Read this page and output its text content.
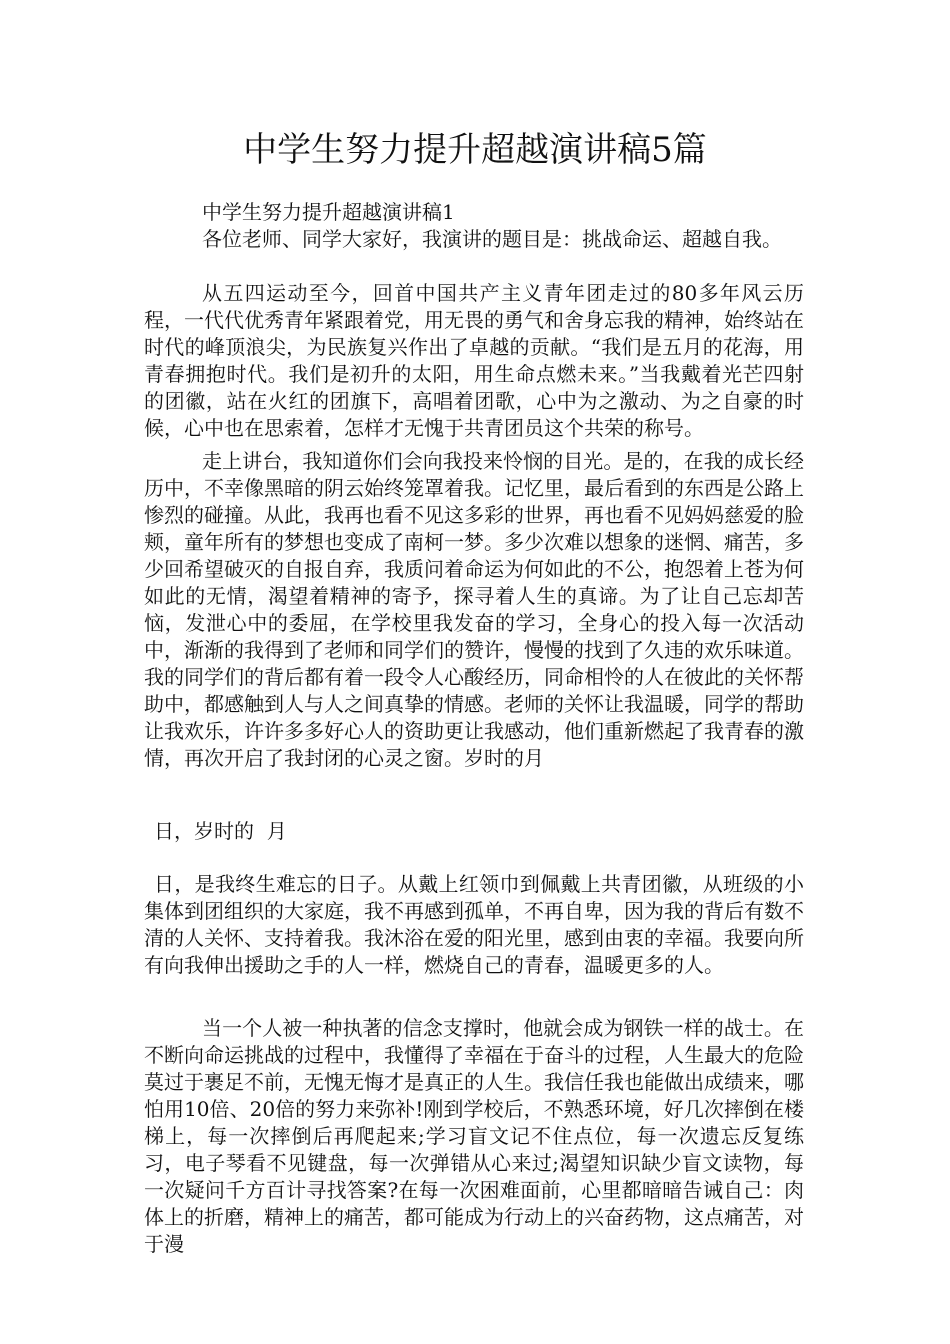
中学生努力提升超越演讲稿5篇

中学生努力提升超越演讲稿1

各位老师、同学大家好，我演讲的题目是：挑战命运、超越自我。

从五四运动至今，回首中国共产主义青年团走过的80多年风云历程，一代代优秀青年紧跟着党，用无畏的勇气和舍身忘我的精神，始终站在时代的峰顶浪尖，为民族复兴作出了卓越的贡献。“我们是五月的花海，用青春拥抱时代。我们是初升的太阳，用生命点燃未来。”当我戴着光芒四射的团徽，站在火红的团旗下，高唱着团歌，心中为之激动、为之自豪的时候，心中也在思索着，怎样才无愧于共青团员这个共荣的称号。

走上讲台，我知道你们会向我投来怜悯的目光。是的，在我的成长经历中，不幸像黑暗的阴云始终笼罩着我。记忆里，最后看到的东西是公路上惨烈的碰撞。从此，我再也看不见这多彩的世界，再也看不见妈妈慈爱的脸颊，童年所有的梦想也变成了南柯一梦。多少次难以想象的迷惘、痛苦，多少回希望破灭的自报自弃，我质问着命运为何如此的不公，抱怨着上苍为何如此的无情，渴望着精神的寄予，探寻着人生的真谛。为了让自己忘却苦恼，发泄心中的委屈，在学校里我发奋的学习，全身心的投入每一次活动中，渐渐的我得到了老师和同学们的赞许，慢慢的找到了久违的欢乐味道。我的同学们的背后都有着一段令人心酸经历，同命相怜的人在彼此的关怀帮助中，都感触到人与人之间真挚的情感。老师的关怀让我温暖，同学的帮助让我欢乐，许许多多好心人的资助更让我感动，他们重新燃起了我青春的激情，再次开启了我封闭的心灵之窗。岁时的月

日，岁时的  月

日，是我终生难忘的日子。从戴上红领巾到佩戴上共青团徽，从班级的小集体到团组织的大家庭，我不再感到孤单，不再自卑，因为我的背后有数不清的人关怀、支持着我。我沐浴在爱的阳光里，感到由衷的幸福。我要向所有向我伸出援助之手的人一样，燃烧自己的青春，温暖更多的人。

当一个人被一种执著的信念支撑时，他就会成为钢铁一样的战士。在不断向命运挑战的过程中，我懂得了幸福在于奋斗的过程，人生最大的危险莫过于裹足不前，无愧无悔才是真正的人生。我信任我也能做出成绩来，哪怕用10倍、20倍的努力来弥补!刚到学校后，不熟悉环境，好几次摔倒在楼梯上，每一次摔倒后再爬起来;学习盲文记不住点位，每一次遗忘反复练习，电子琴看不见键盘，每一次弹错从心来过;渴望知识缺少盲文读物，每一次疑问千方百计寻找答案?在每一次困难面前，心里都暗暗告诫自己：肉体上的折磨，精神上的痛苦，都可能成为行动上的兴奋药物，这点痛苦，对于漫
